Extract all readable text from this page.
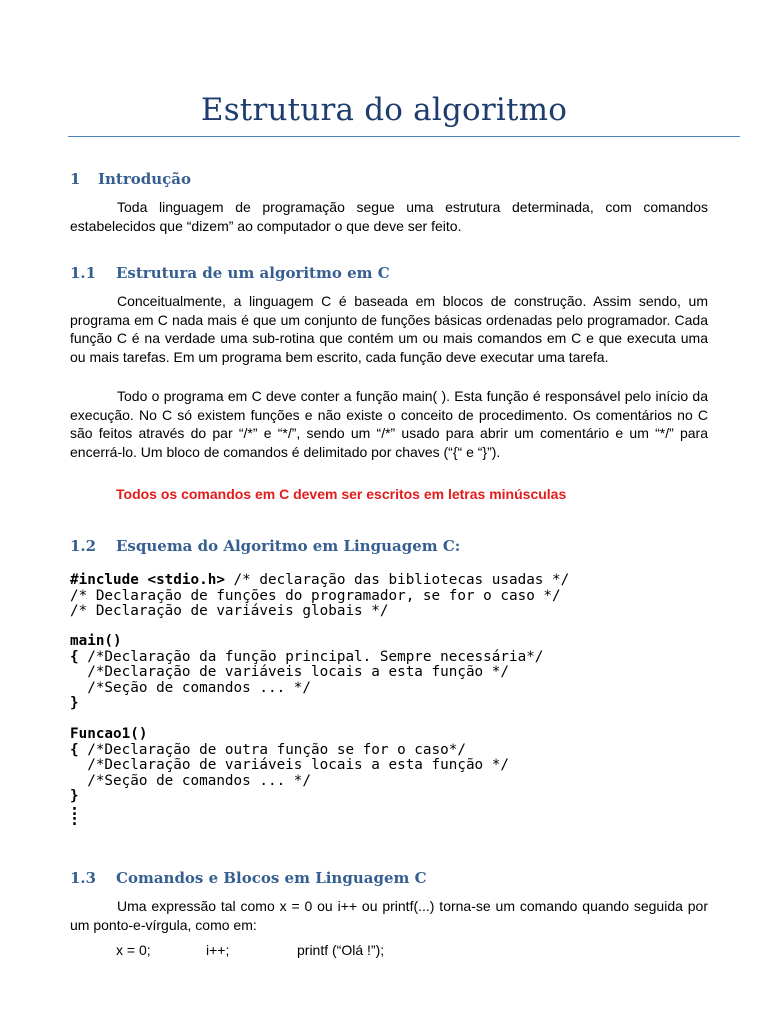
Estrutura do algoritmo
1 Introdução

Toda linguagem de programação segue uma estrutura determinada, com comandos estabelecidos que “dizem” ao computador o que deve ser feito.

1.1 Estrutura de um algoritmo em C

Conceitualmente, a linguagem C é baseada em blocos de construção. Assim sendo, um programa em C nada mais é que um conjunto de funções básicas ordenadas pelo programador. Cada função C é na verdade uma sub-rotina que contém um ou mais comandos em C e que executa uma ou mais tarefas. Em um programa bem escrito, cada função deve executar uma tarefa.

Todo o programa em C deve conter a função main( ). Esta função é responsável pelo início da execução. No C só existem funções e não existe o conceito de procedimento. Os comentários no C são feitos através do par “/*” e “*/”, sendo um “/*” usado para abrir um comentário e um “*/” para encerrá-lo. Um bloco de comandos é delimitado por chaves (“{“ e “}”).

Todos os comandos em C devem ser escritos em letras minúsculas

1.2 Esquema do Algoritmo em Linguagem C:
#include <stdio.h> /* declaração das bibliotecas usadas */
/* Declaração de funções do programador, se for o caso */
/* Declaração de variáveis globais */
main()
{ /*Declaração da função principal. Sempre necessária*/
/*Declaração de variáveis locais a esta função */
/*Seção de comandos ... */
}
Funcao1()
{ /*Declaração de outra função se for o caso*/
/*Declaração de variáveis locais a esta função */
/*Seção de comandos ... */
}
:
:
1.3 Comandos e Blocos em Linguagem C

Uma expressão tal como x = 0 ou i++ ou printf(...) torna-se um comando quando seguida por um ponto-e-vírgula, como em:

x = 0;	i++;	printf (“Olá !”);
